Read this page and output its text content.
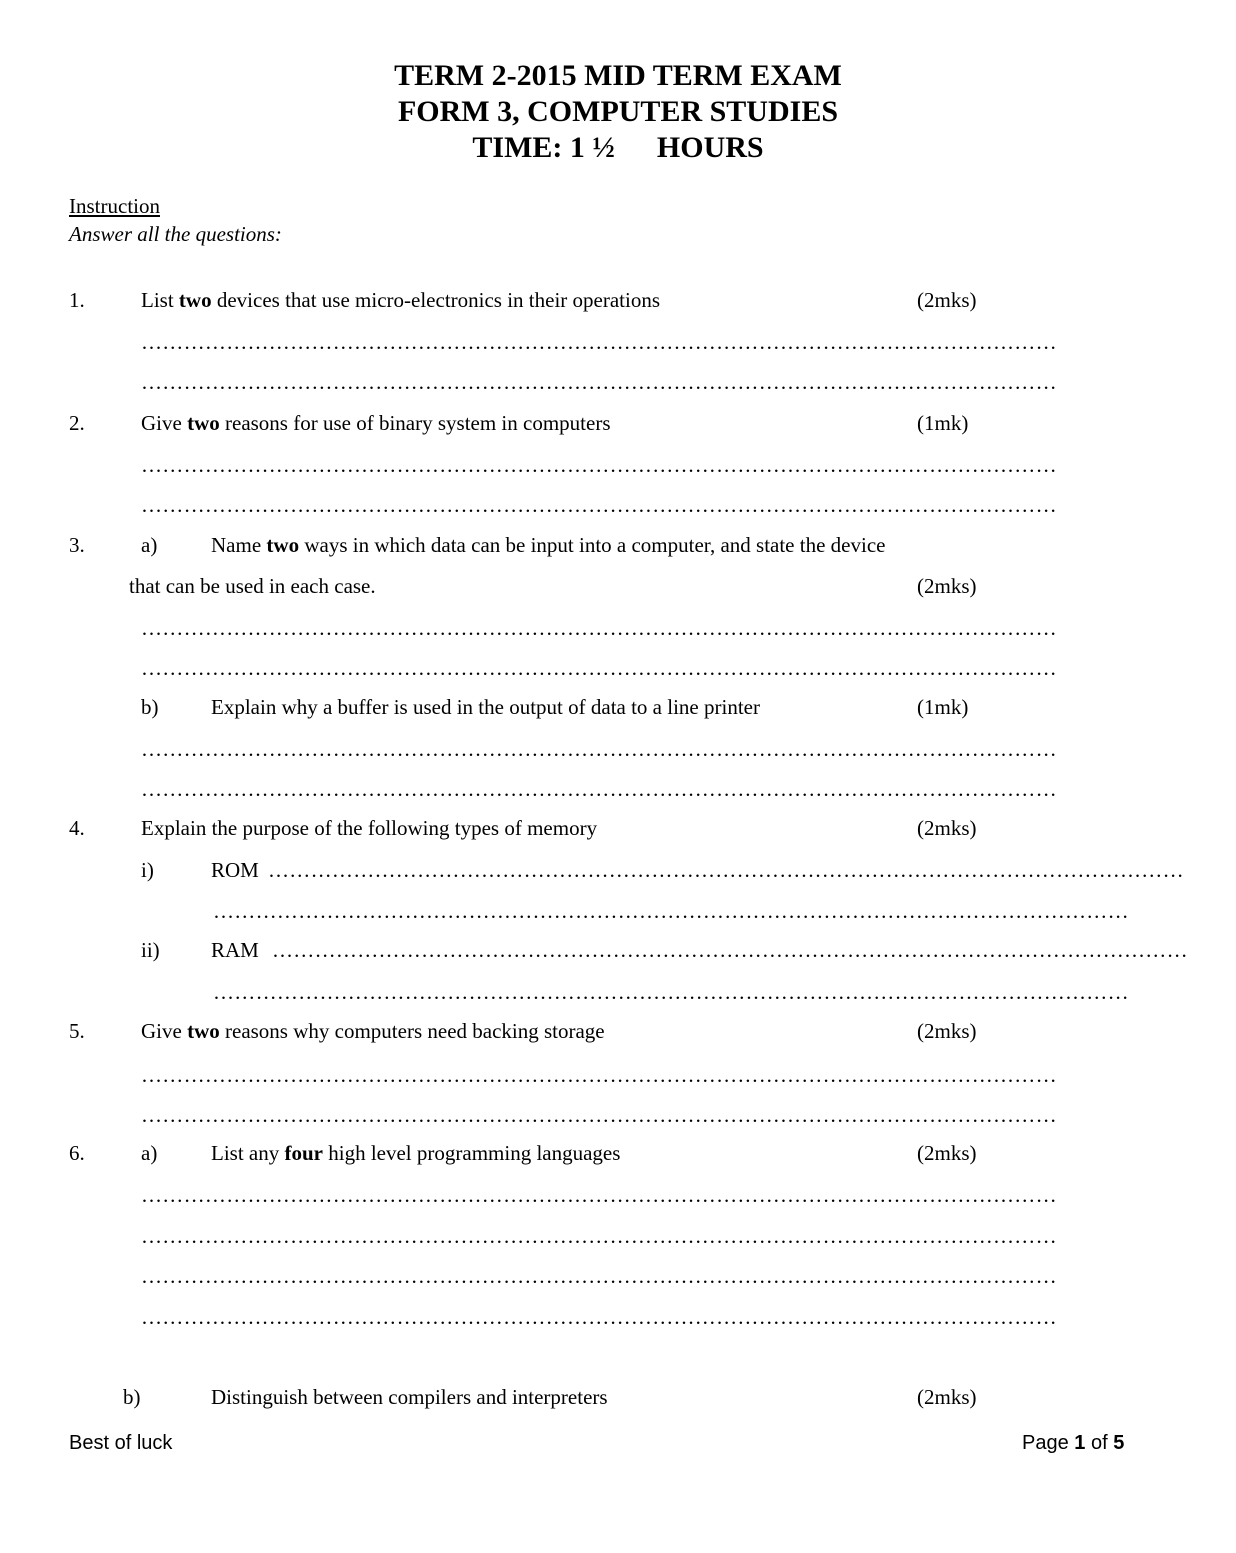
TERM 2-2015 MID TERM EXAM
FORM 3, COMPUTER STUDIES
TIME: 1 ½ HOURS
Instruction
Answer all the questions:
1.	List two devices that use micro-electronics in their operations	(2mks)
…………………………………………………………………………………………………………………
…………………………………………………………………………………………………………………
2.	Give two reasons for use of binary system in computers	(1mk)
…………………………………………………………………………………………………………………
…………………………………………………………………………………………………………………
3.	a)	Name two ways in which data can be input into a computer, and state the device
that can be used in each case.	(2mks)
…………………………………………………………………………………………………………………
…………………………………………………………………………………………………………………
b)	Explain why a buffer is used in the output of data to a line printer	(1mk)
…………………………………………………………………………………………………………………
…………………………………………………………………………………………………………………
4.	Explain the purpose of the following types of memory	(2mks)
i)	ROM …………………………………………………………………………………………………………………
…………………………………………………………………………………………………………………
ii) RAM …………………………………………………………………………………………………………………
…………………………………………………………………………………………………………………
5.	Give two reasons why computers need backing storage	(2mks)
…………………………………………………………………………………………………………………
…………………………………………………………………………………………………………………
6.	a)	List any four high level programming languages	(2mks)
…………………………………………………………………………………………………………………
…………………………………………………………………………………………………………………
…………………………………………………………………………………………………………………
…………………………………………………………………………………………………………………
b)	Distinguish between compilers and interpreters	(2mks)
Best of luck	Page 1 of 5
